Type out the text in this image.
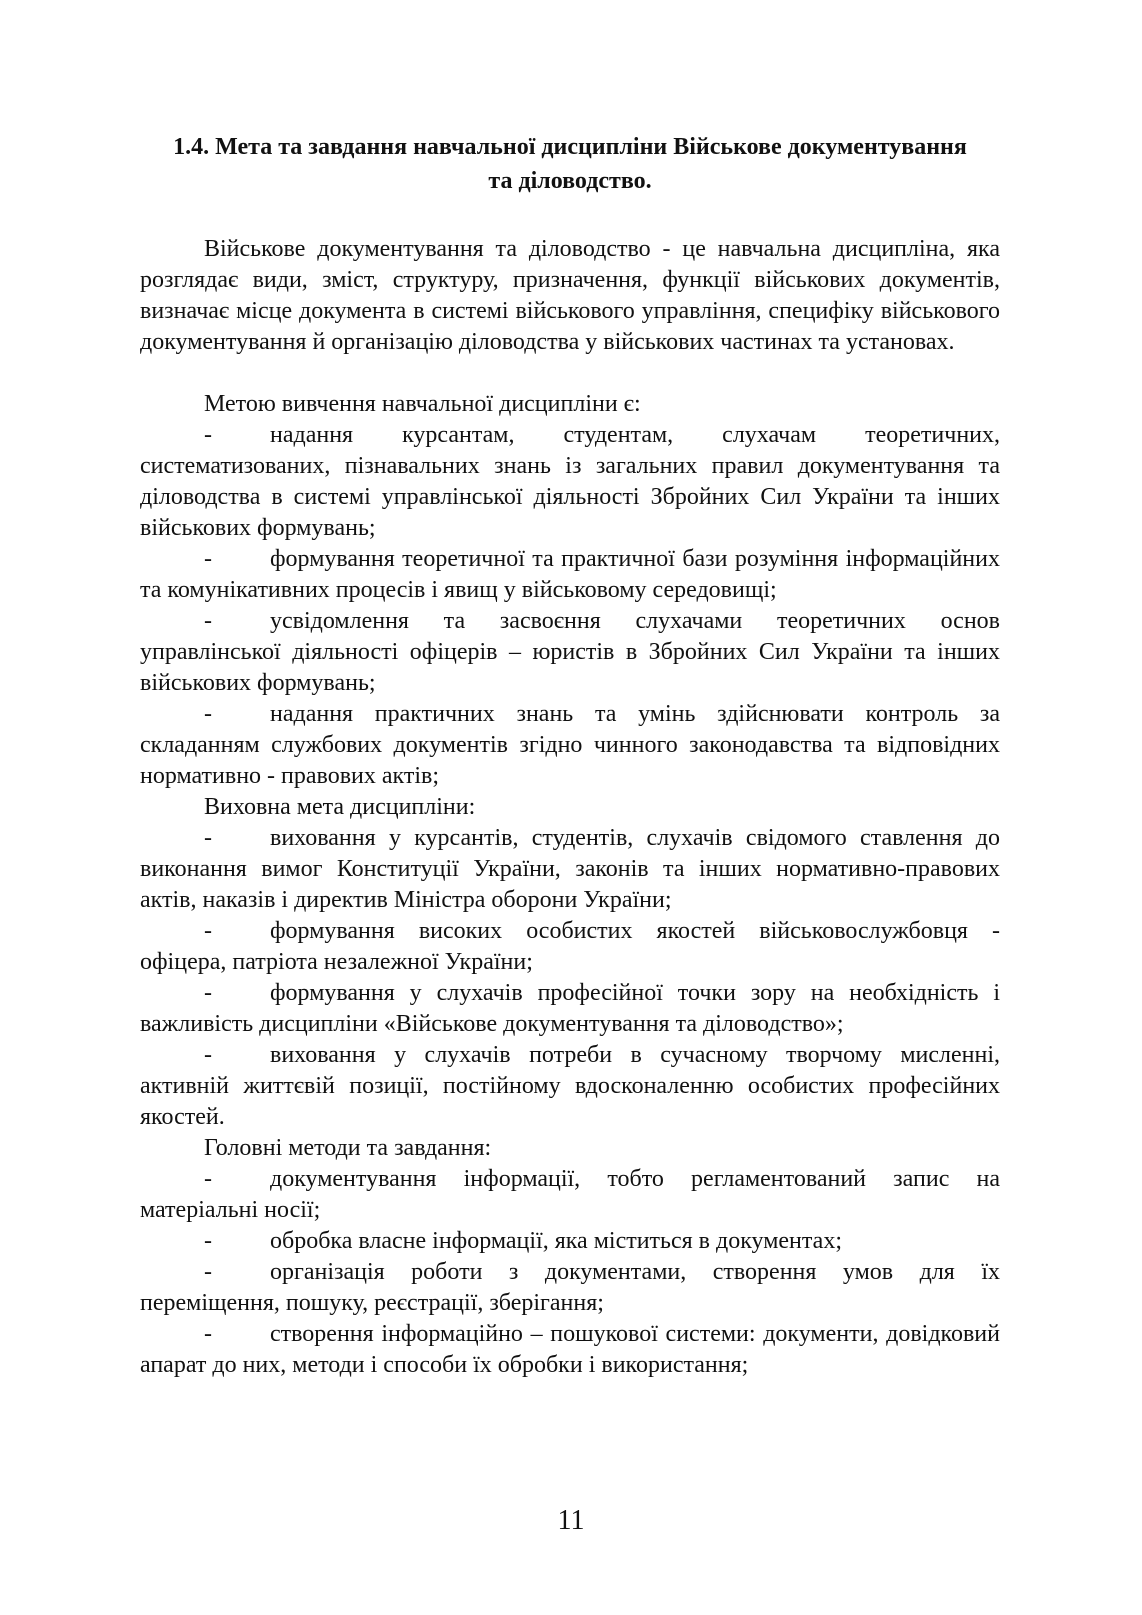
1.4. Мета та завдання навчальної дисципліни Військове документування
та діловодство.

Військове документування та діловодство - це навчальна дисципліна, яка розглядає види, зміст, структуру, призначення, функції військових документів, визначає місце документа в системі військового управління, специфіку військового документування й організацію діловодства у військових частинах та установах.

Метою вивчення навчальної дисципліни є:

- надання курсантам, студентам, слухачам теоретичних, систематизованих, пізнавальних знань із загальних правил документування та діловодства в системі управлінської діяльності Збройних Сил України та інших військових формувань;

- формування теоретичної та практичної бази розуміння інформаційних та комунікативних процесів і явищ у військовому середовищі;

- усвідомлення та засвоєння слухачами теоретичних основ управлінської діяльності офіцерів – юристів в Збройних Сил України та інших військових формувань;

- надання практичних знань та умінь здійснювати контроль за складанням службових документів згідно чинного законодавства та відповідних нормативно - правових актів;

Виховна мета дисципліни:

- виховання у курсантів, студентів, слухачів свідомого ставлення до виконання вимог Конституції України, законів та інших нормативно-правових актів, наказів і директив Міністра оборони України;

- формування високих особистих якостей військовослужбовця - офіцера, патріота незалежної України;

- формування у слухачів професійної точки зору на необхідність і важливість дисципліни «Військове документування та діловодство»;

- виховання у слухачів потреби в сучасному творчому мисленні, активній життєвій позиції, постійному вдосконаленню особистих професійних якостей.

Головні методи та завдання:

- документування інформації, тобто регламентований запис на матеріальні носії;

- обробка власне інформації, яка міститься в документах;

- організація роботи з документами, створення умов для їх переміщення, пошуку, реєстрації, зберігання;

- створення інформаційно – пошукової системи: документи, довідковий апарат до них, методи і способи їх обробки і використання;

11
